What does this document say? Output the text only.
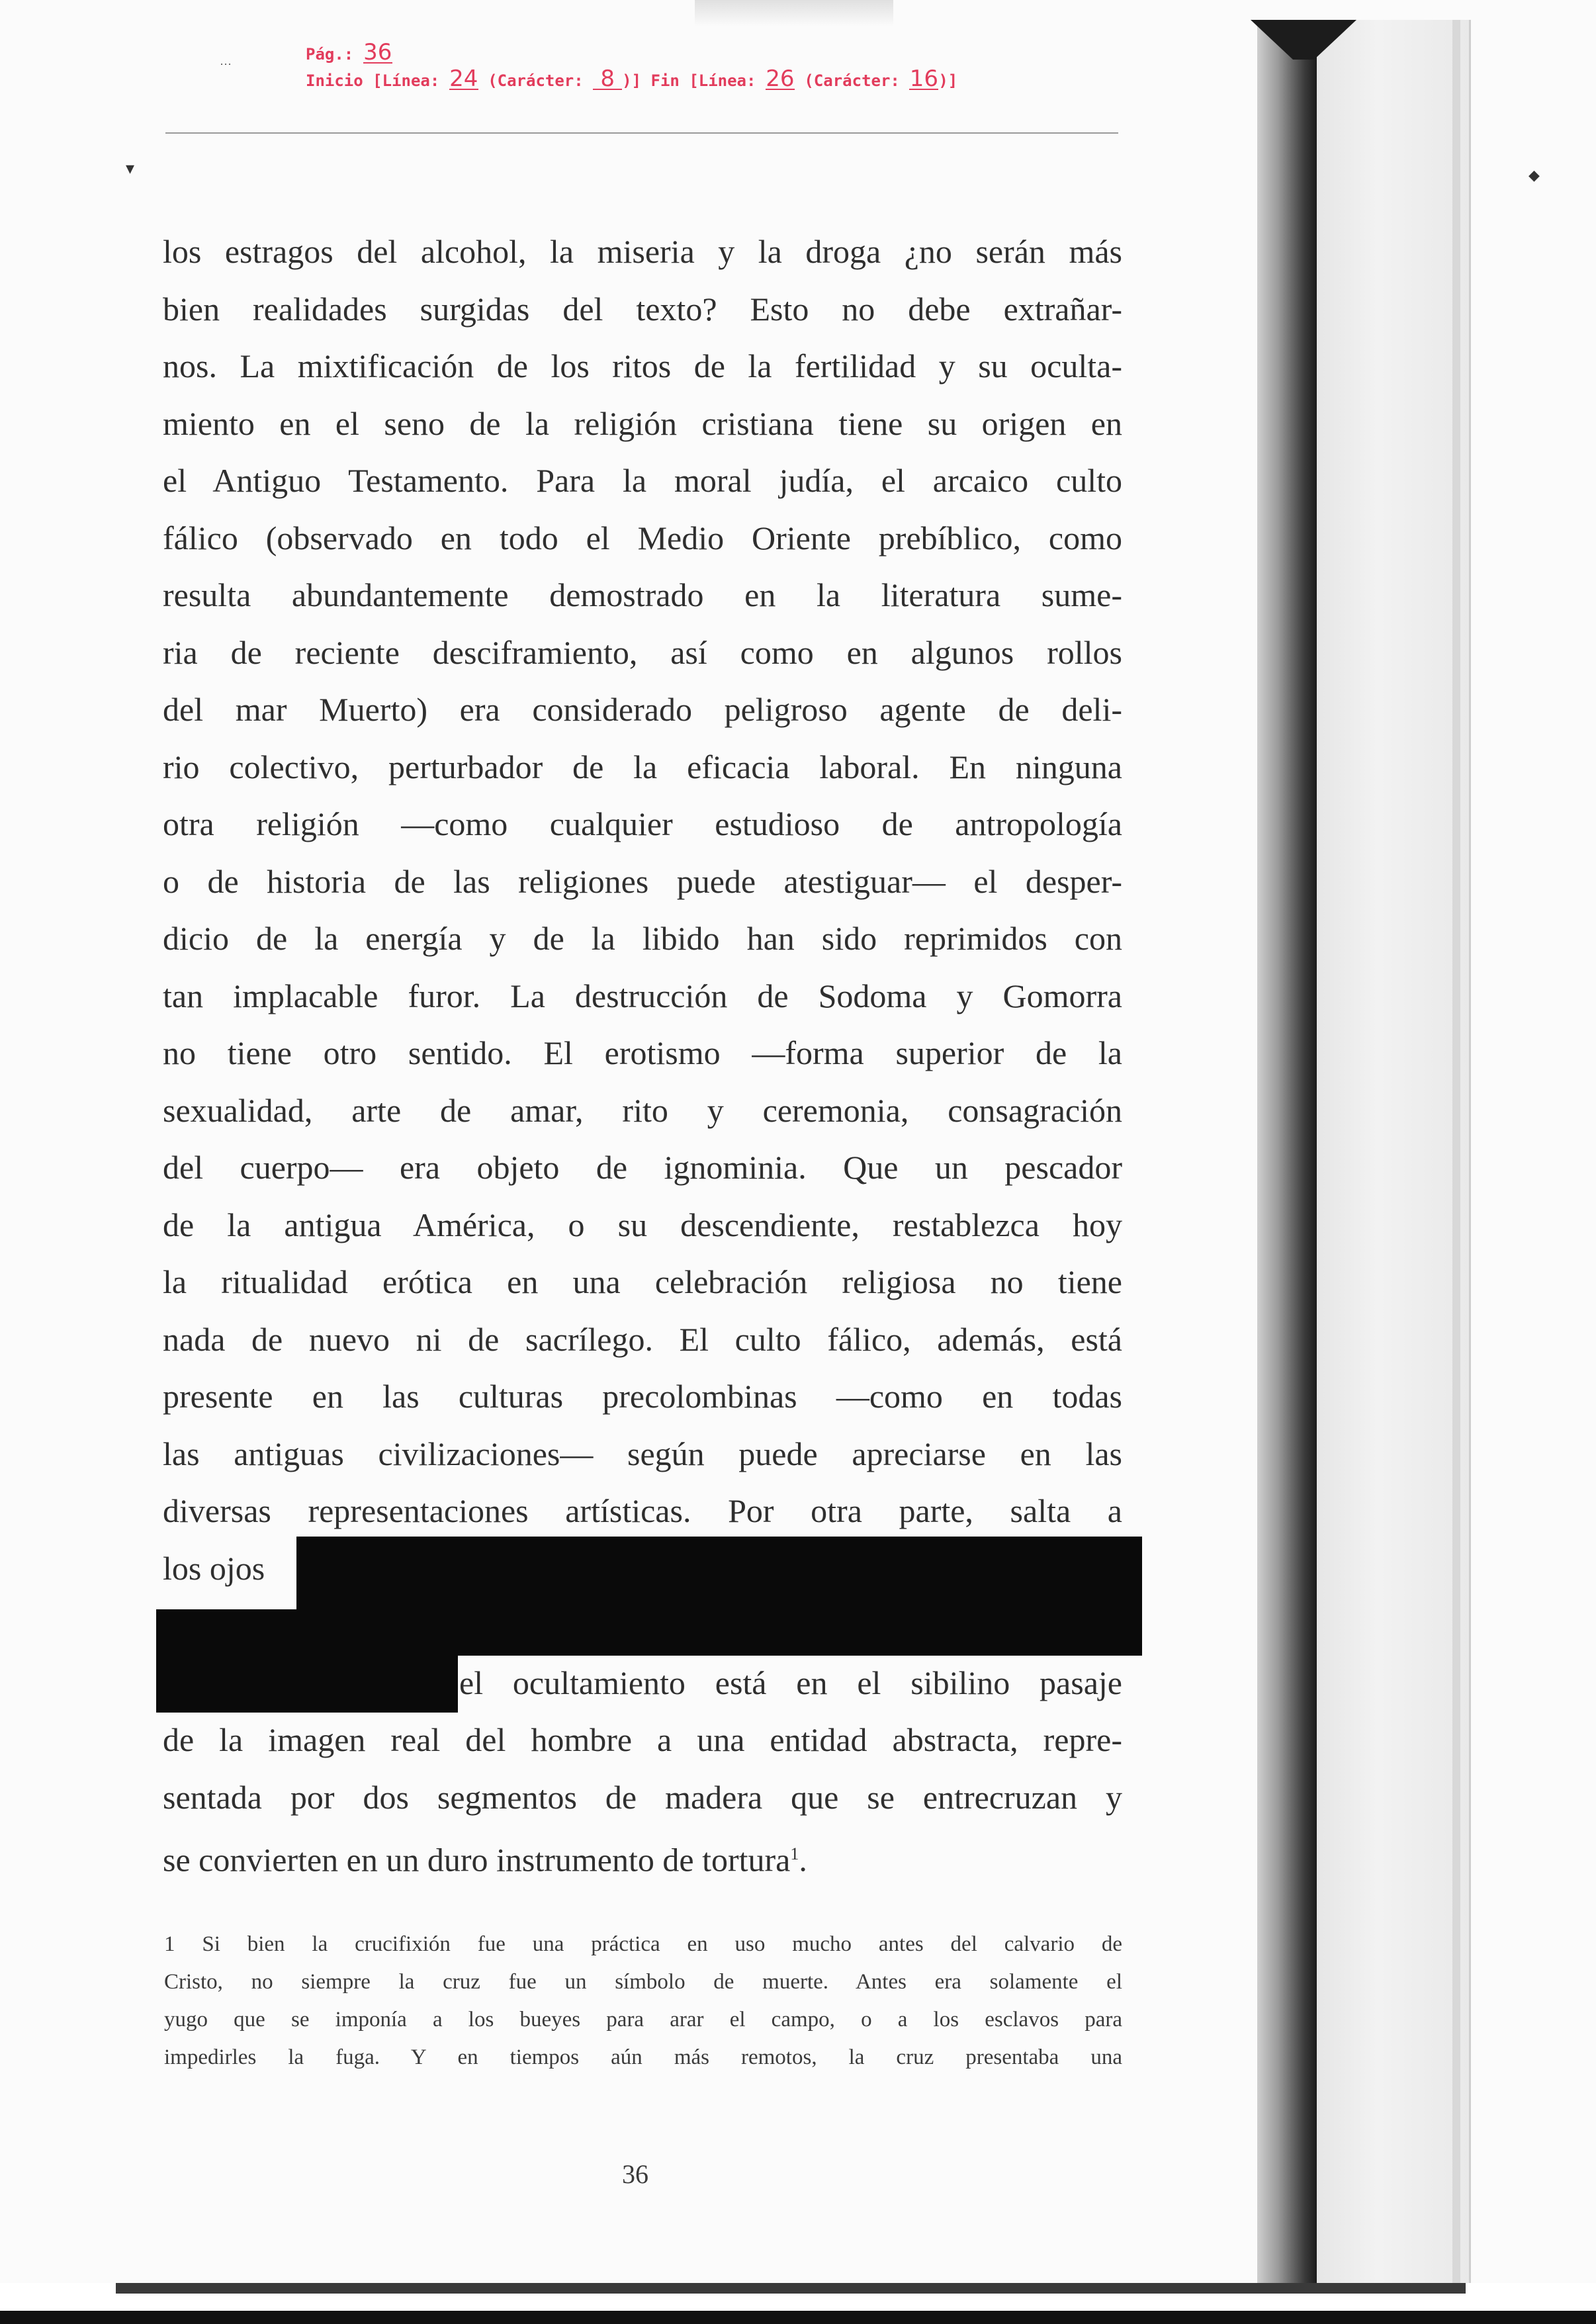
˙˙˙
▾	◆
Pág.: 36
Inicio [Línea: 24 (Carácter: 8 )] Fin [Línea: 26 (Carácter: 16)]
los estragos del alcohol, la miseria y la droga ¿no serán más
bien realidades surgidas del texto? Esto no debe extrañar-
nos. La mixtificación de los ritos de la fertilidad y su oculta-
miento en el seno de la religión cristiana tiene su origen en
el Antiguo Testamento. Para la moral judía, el arcaico culto
fálico (observado en todo el Medio Oriente prebíblico, como
resulta abundantemente demostrado en la literatura sume-
ria de reciente desciframiento, así como en algunos rollos
del mar Muerto) era considerado peligroso agente de deli-
rio colectivo, perturbador de la eficacia laboral. En ninguna
otra religión —como cualquier estudioso de antropología
o de historia de las religiones puede atestiguar— el desper-
dicio de la energía y de la libido han sido reprimidos con
tan implacable furor. La destrucción de Sodoma y Gomorra
no tiene otro sentido. El erotismo —forma superior de la
sexualidad, arte de amar, rito y ceremonia, consagración
del cuerpo— era objeto de ignominia. Que un pescador
de la antigua América, o su descendiente, restablezca hoy
la ritualidad erótica en una celebración religiosa no tiene
nada de nuevo ni de sacrílego. El culto fálico, además, está
presente en las culturas precolombinas —como en todas
las antiguas civilizaciones— según puede apreciarse en las
diversas representaciones artísticas. Por otra parte, salta a
los ojos
el ocultamiento está en el sibilino pasaje
de la imagen real del hombre a una entidad abstracta, repre-
sentada por dos segmentos de madera que se entrecruzan y
se convierten en un duro instrumento de tortura$^1$.
1 Si bien la crucifixión fue una práctica en uso mucho antes del calvario de
Cristo, no siempre la cruz fue un símbolo de muerte. Antes era solamente el
yugo que se imponía a los bueyes para arar el campo, o a los esclavos para
impedirles la fuga. Y en tiempos aún más remotos, la cruz presentaba una
36
